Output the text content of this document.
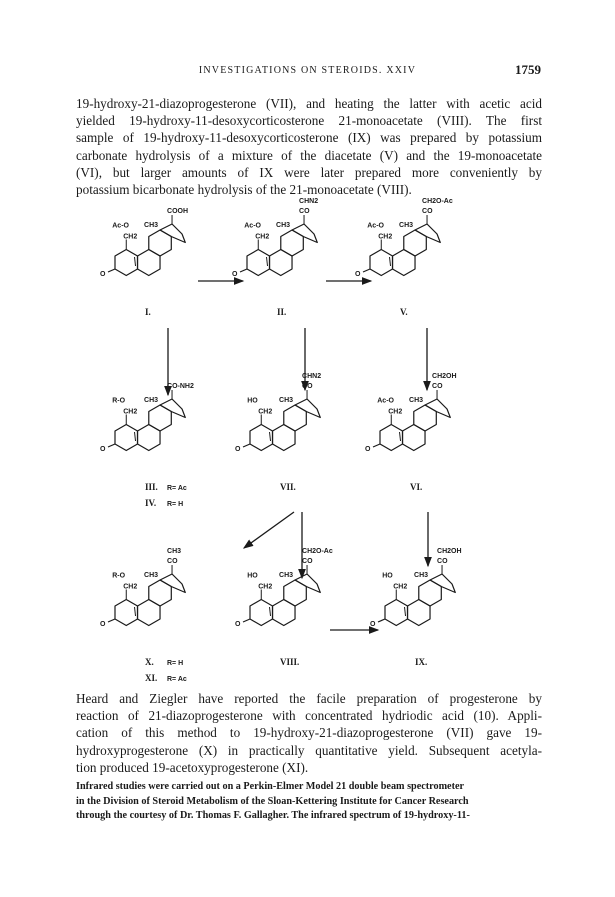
INVESTIGATIONS ON STEROIDS. XXIV	1759

19-hydroxy-21-diazoprogesterone (VII), and heating the latter with acetic acid
yielded 19-hydroxy-11-desoxycorticosterone 21-monoacetate (VIII). The first
sample of 19-hydroxy-11-desoxycorticosterone (IX) was prepared by potassium
carbonate hydrolysis of a mixture of the diacetate (V) and the 19-monoacetate
(VI), but larger amounts of IX were later prepared more conveniently by
potassium bicarbonate hydrolysis of the 21-monoacetate (VIII).

O
CH2
Ac-O CH3
COOH
I.
O
CH2
Ac-O CH3
CHN2
CO
II.
O
CH2
Ac-O CH3
CH2O-Ac
CO
V.
O
CH2
R-O	CH3
CO-NH2
III. R= Ac
IV. R= H
O
CH2
HO	CH3
CHN2
CO
VII.
O
CH2
Ac-O CH3
CH2OH
CO
VI.
O
CH2
R-O	CH3
CH3
CO
X. R= H
XI. R= Ac
O
CH2
HO	CH3
CH2O-Ac
CO
VIII.
O
CH2
HO	CH3
CH2OH
CO
IX.

Heard and Ziegler have reported the facile preparation of progesterone by
reaction of 21-diazoprogesterone with concentrated hydriodic acid (10). Appli-
cation of this method to 19-hydroxy-21-diazoprogesterone (VII) gave 19-
hydroxyprogesterone (X) in practically quantitative yield. Subsequent acetyla-
tion produced 19-acetoxyprogesterone (XI).

Infrared studies were carried out on a Perkin-Elmer Model 21 double beam spectrometer
in the Division of Steroid Metabolism of the Sloan-Kettering Institute for Cancer Research
through the courtesy of Dr. Thomas F. Gallagher. The infrared spectrum of 19-hydroxy-11-
